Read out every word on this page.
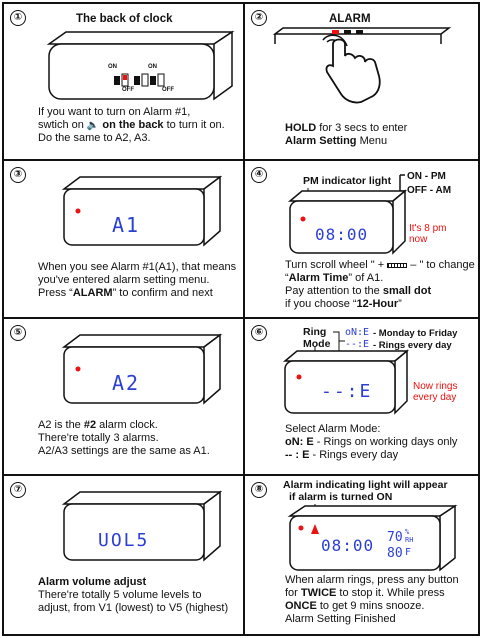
①	The back of clock
ON	ON
OFF	OFF
If you want to turn on Alarm #1,
swtich on 🔈 on the back to turn it on.
Do the same to A2, A3.
②	ALARM
HOLD for 3 secs to enter
Alarm Setting Menu
③
A1
When you see Alarm #1(A1), that means
you've entered alarm setting menu.
Press “ALARM” to confirm and next
④
PM indicator light ON - PM
OFF - AM
08:00	It's 8 pm
now
Turn scroll wheel " +  – " to change
“Alarm Time” of A1.
Pay attention to the small dot
if you choose “12-Hour”
⑤
A2
A2 is the #2 alarm clock.
There're totally 3 alarms.
A2/A3 settings are the same as A1.
⑥	Ring
Mode
oN:E - Monday to Friday
--:E - Rings every day
--:E	Now rings
every day
Select Alarm Mode:
oN: E - Rings on working days only
-- : E - Rings every day
⑦
UOL5
Alarm volume adjust
There're totally 5 volume levels to
adjust, from V1 (lowest) to V5 (highest)
⑧	Alarm indicating light will appear
if alarm is turned ON
08:00 70 %
RH
80 F
When alarm rings, press any button
for TWICE to stop it. While press
ONCE to get 9 mins snooze.
Alarm Setting Finished
